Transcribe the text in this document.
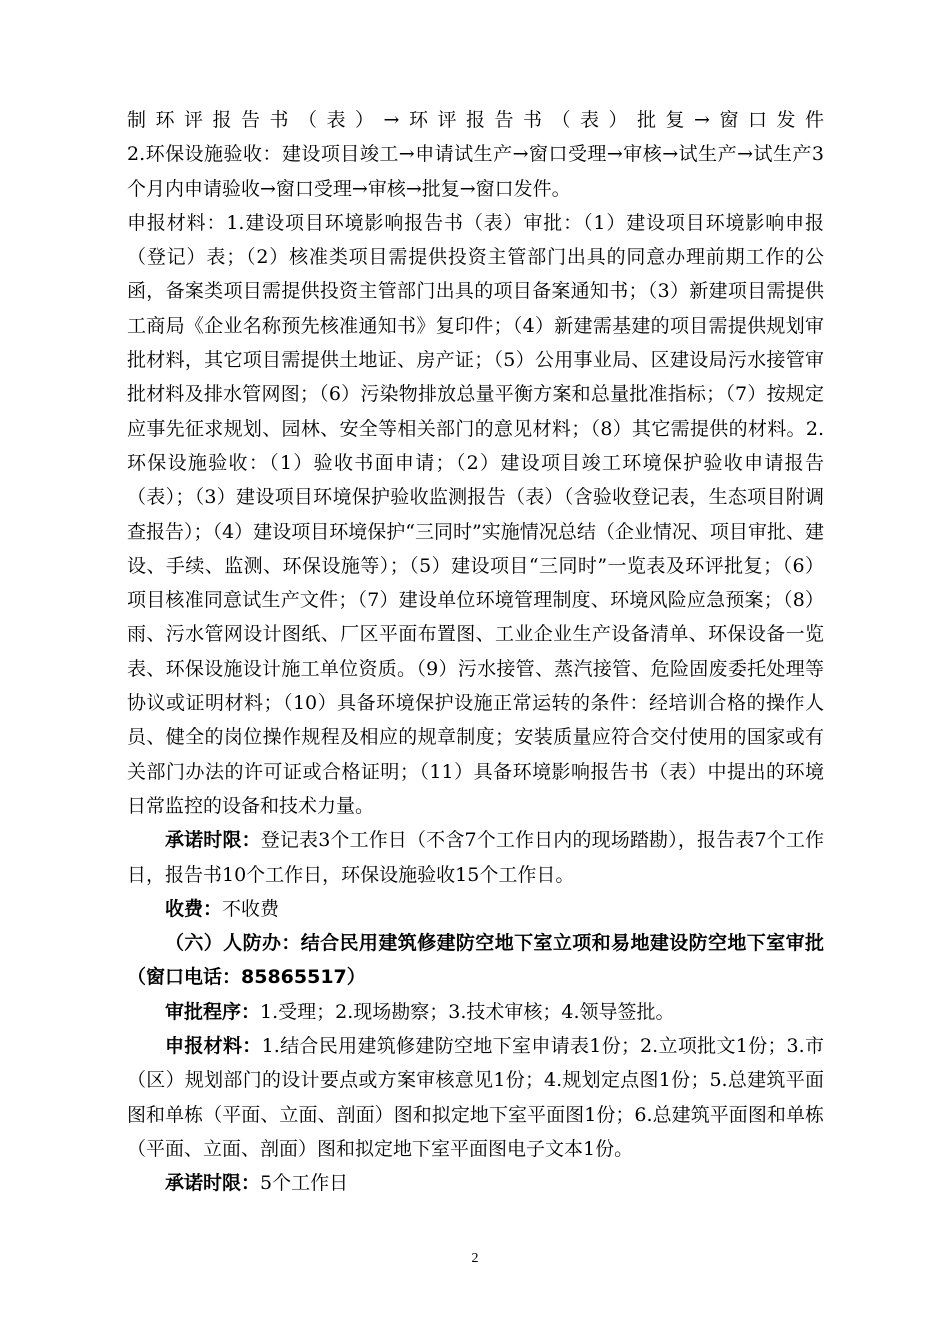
制环评报告书（表）→环评报告书（表）批复→窗口发件

2.环保设施验收：建设项目竣工→申请试生产→窗口受理→审核→试生产→试生产3个月内申请验收→窗口受理→审核→批复→窗口发件。

申报材料：1.建设项目环境影响报告书（表）审批：（1）建设项目环境影响申报（登记）表；（2）核准类项目需提供投资主管部门出具的同意办理前期工作的公函，备案类项目需提供投资主管部门出具的项目备案通知书；（3）新建项目需提供工商局《企业名称预先核准通知书》复印件；（4）新建需基建的项目需提供规划审批材料，其它项目需提供土地证、房产证；（5）公用事业局、区建设局污水接管审批材料及排水管网图；（6）污染物排放总量平衡方案和总量批准指标；（7）按规定应事先征求规划、园林、安全等相关部门的意见材料；（8）其它需提供的材料。2.环保设施验收：（1）验收书面申请；（2）建设项目竣工环境保护验收申请报告（表）；（3）建设项目环境保护验收监测报告（表）（含验收登记表，生态项目附调查报告）；（4）建设项目环境保护“三同时”实施情况总结（企业情况、项目审批、建设、手续、监测、环保设施等）；（5）建设项目“三同时”一览表及环评批复；（6）项目核准同意试生产文件；（7）建设单位环境管理制度、环境风险应急预案；（8）雨、污水管网设计图纸、厂区平面布置图、工业企业生产设备清单、环保设备一览表、环保设施设计施工单位资质。（9）污水接管、蒸汽接管、危险固废委托处理等协议或证明材料；（10）具备环境保护设施正常运转的条件：经培训合格的操作人员、健全的岗位操作规程及相应的规章制度；安装质量应符合交付使用的国家或有关部门办法的许可证或合格证明；（11）具备环境影响报告书（表）中提出的环境日常监控的设备和技术力量。

承诺时限：登记表3个工作日（不含7个工作日内的现场踏勘），报告表7个工作日，报告书10个工作日，环保设施验收15个工作日。

收费：不收费

（六）人防办：结合民用建筑修建防空地下室立项和易地建设防空地下室审批（窗口电话：85865517）

审批程序：1.受理；2.现场勘察；3.技术审核；4.领导签批。

申报材料：1.结合民用建筑修建防空地下室申请表1份；2.立项批文1份；3.市（区）规划部门的设计要点或方案审核意见1份；4.规划定点图1份；5.总建筑平面图和单栋（平面、立面、剖面）图和拟定地下室平面图1份；6.总建筑平面图和单栋（平面、立面、剖面）图和拟定地下室平面图电子文本1份。

承诺时限：5个工作日

2
